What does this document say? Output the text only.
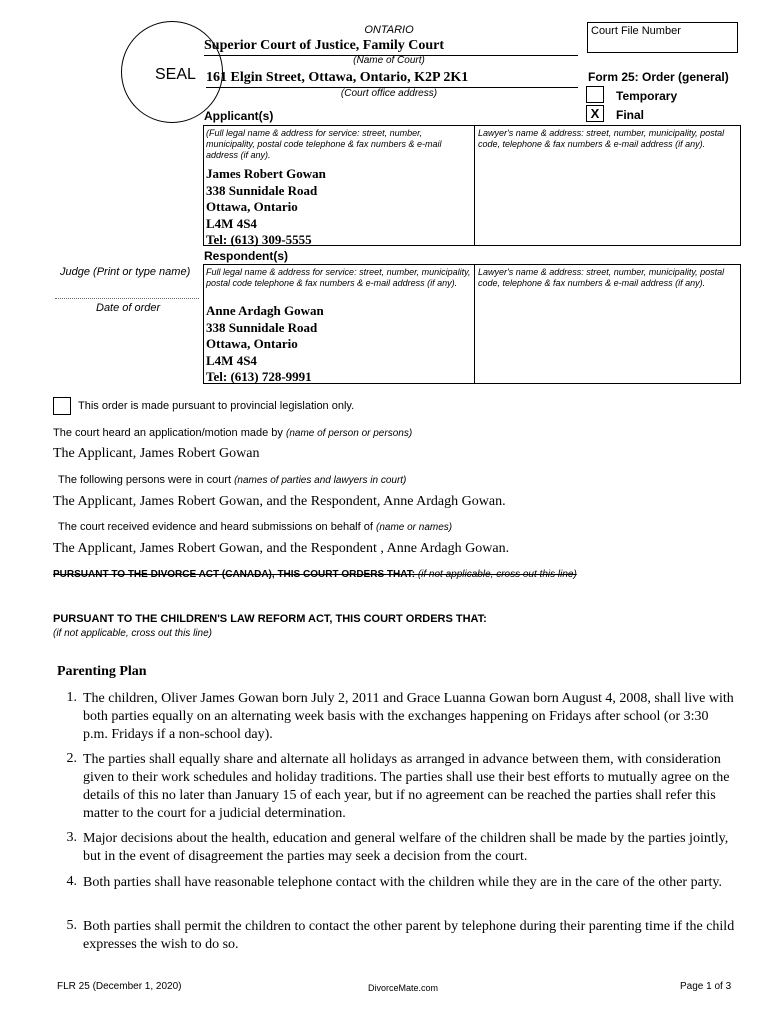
SEAL
ONTARIO
Superior Court of Justice, Family Court
(Name of Court)
161 Elgin Street, Ottawa, Ontario, K2P 2K1
(Court office address)
Court File Number
Form 25: Order (general)
Temporary
X	Final
Applicant(s)
(Full legal name & address for service: street, number, municipality, postal code telephone & fax numbers & e-mail address (if any).
James Robert Gowan
338 Sunnidale Road
Ottawa, Ontario
L4M 4S4
Tel: (613) 309-5555
Lawyer's name & address: street, number, municipality, postal code, telephone & fax numbers & e-mail address (if any).
Respondent(s)
Full legal name & address for service: street, number, municipality, postal code telephone & fax numbers & e-mail address (if any).
Anne Ardagh Gowan
338 Sunnidale Road
Ottawa, Ontario
L4M 4S4
Tel: (613) 728-9991
Lawyer's name & address: street, number, municipality, postal code, telephone & fax numbers & e-mail address (if any).
Judge (Print or type name)
Date of order
This order is made pursuant to provincial legislation only.
The court heard an application/motion made by (name of person or persons)
The Applicant, James Robert Gowan
The following persons were in court (names of parties and lawyers in court)
The Applicant, James Robert Gowan, and the Respondent, Anne Ardagh Gowan.
The court received evidence and heard submissions on behalf of (name or names)
The Applicant, James Robert Gowan, and the Respondent , Anne Ardagh Gowan.
PURSUANT TO THE DIVORCE ACT (CANADA), THIS COURT ORDERS THAT: (if not applicable, cross out this line)
PURSUANT TO THE CHILDREN'S LAW REFORM ACT, THIS COURT ORDERS THAT:
(if not applicable, cross out this line)
Parenting Plan
1. The children, Oliver James Gowan born July 2, 2011 and Grace Luanna Gowan born August 4, 2008, shall live with both parties equally on an alternating week basis with the exchanges happening on Fridays after school (or 3:30 p.m. Fridays if a non-school day).
2. The parties shall equally share and alternate all holidays as arranged in advance between them, with consideration given to their work schedules and holiday traditions. The parties shall use their best efforts to mutually agree on the details of this no later than January 15 of each year, but if no agreement can be reached the parties shall refer this matter to the court for a judicial determination.
3. Major decisions about the health, education and general welfare of the children shall be made by the parties jointly, but in the event of disagreement the parties may seek a decision from the court.
4. Both parties shall have reasonable telephone contact with the children while they are in the care of the other party.
5. Both parties shall permit the children to contact the other parent by telephone during their parenting time if the child expresses the wish to do so.
FLR 25 (December 1, 2020)	DivorceMate.com	Page 1 of 3
